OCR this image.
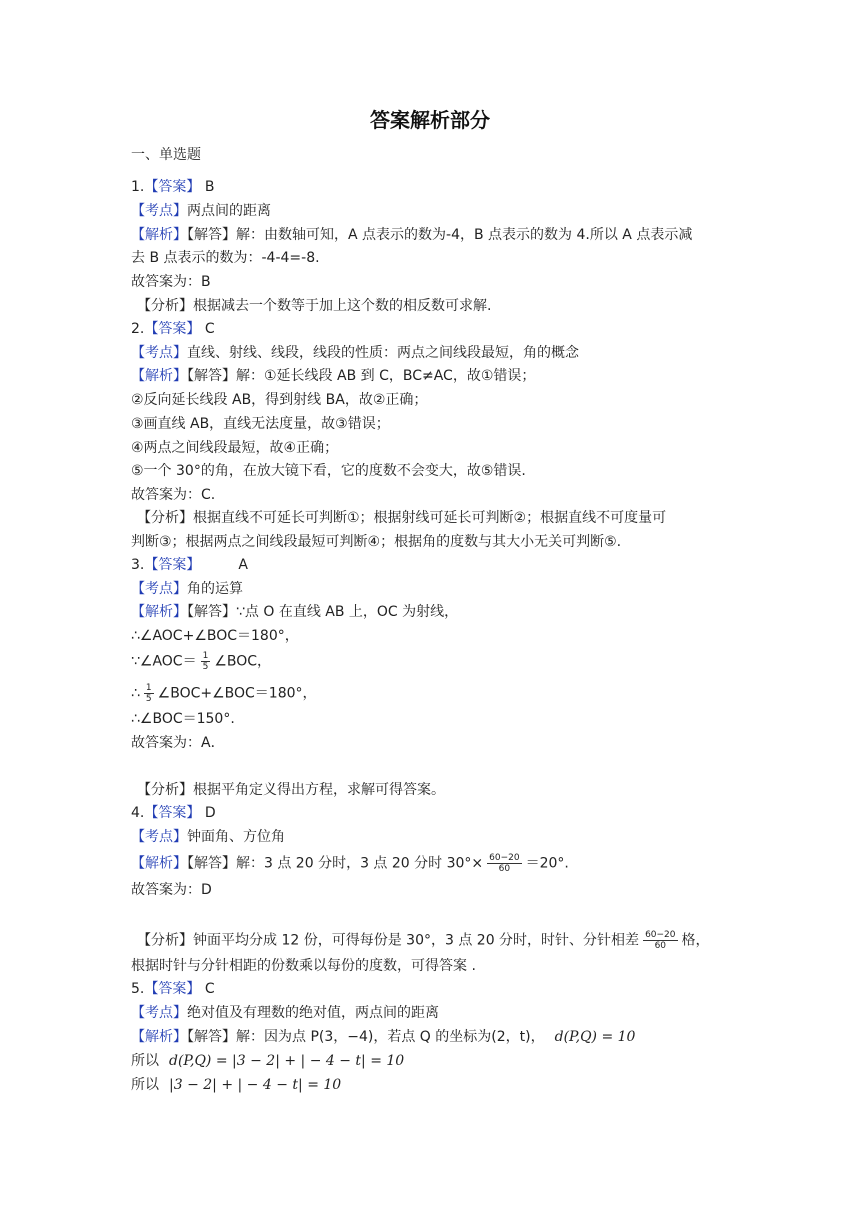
答案解析部分
一、单选题
1.【答案】 B
【考点】两点间的距离
【解析】【解答】解：由数轴可知，A 点表示的数为-4，B 点表示的数为 4.所以 A 点表示减
去 B 点表示的数为：-4-4=-8.
故答案为：B
【分析】根据减去一个数等于加上这个数的相反数可求解.
2.【答案】 C
【考点】直线、射线、线段，线段的性质：两点之间线段最短，角的概念
【解析】【解答】解：①延长线段 AB 到 C，BC≠AC，故①错误；
②反向延长线段 AB，得到射线 BA，故②正确；
③画直线 AB，直线无法度量，故③错误；
④两点之间线段最短，故④正确；
⑤一个 30°的角，在放大镜下看，它的度数不会变大，故⑤错误.
故答案为：C.
【分析】根据直线不可延长可判断①；根据射线可延长可判断②；根据直线不可度量可
判断③；根据两点之间线段最短可判断④；根据角的度数与其大小无关可判断⑤.
3.【答案】	A
【考点】角的运算
【解析】【解答】∵点 O 在直线 AB 上，OC 为射线，
∴∠AOC+∠BOC＝180°，
∵∠AOC＝ $\frac{1}{5}$ ∠BOC，
∴ $\frac{1}{5}$ ∠BOC+∠BOC＝180°，
∴∠BOC＝150°.
故答案为：A．
【分析】根据平角定义得出方程，求解可得答案。
4.【答案】 D
【考点】钟面角、方位角
【解析】【解答】解：3 点 20 分时，3 点 20 分时 $30^\circ\times \frac{60-20}{60} =20^\circ$.
故答案为：D
【分析】钟面平均分成 12 份，可得每份是 30°，3 点 20 分时，时针、分针相差 $\frac{60-20}{60}$ 格，
根据时针与分针相距的份数乘以每份的度数，可得答案 .
5.【答案】 C
【考点】绝对值及有理数的绝对值，两点间的距离
【解析】【解答】解：因为点 P(3，−4)，若点 Q 的坐标为(2，t)， d(P,Q) = 10
所以 d(P,Q) = |3 − 2| + | − 4 − t| = 10
所以 |3 − 2| + | − 4 − t| = 10
